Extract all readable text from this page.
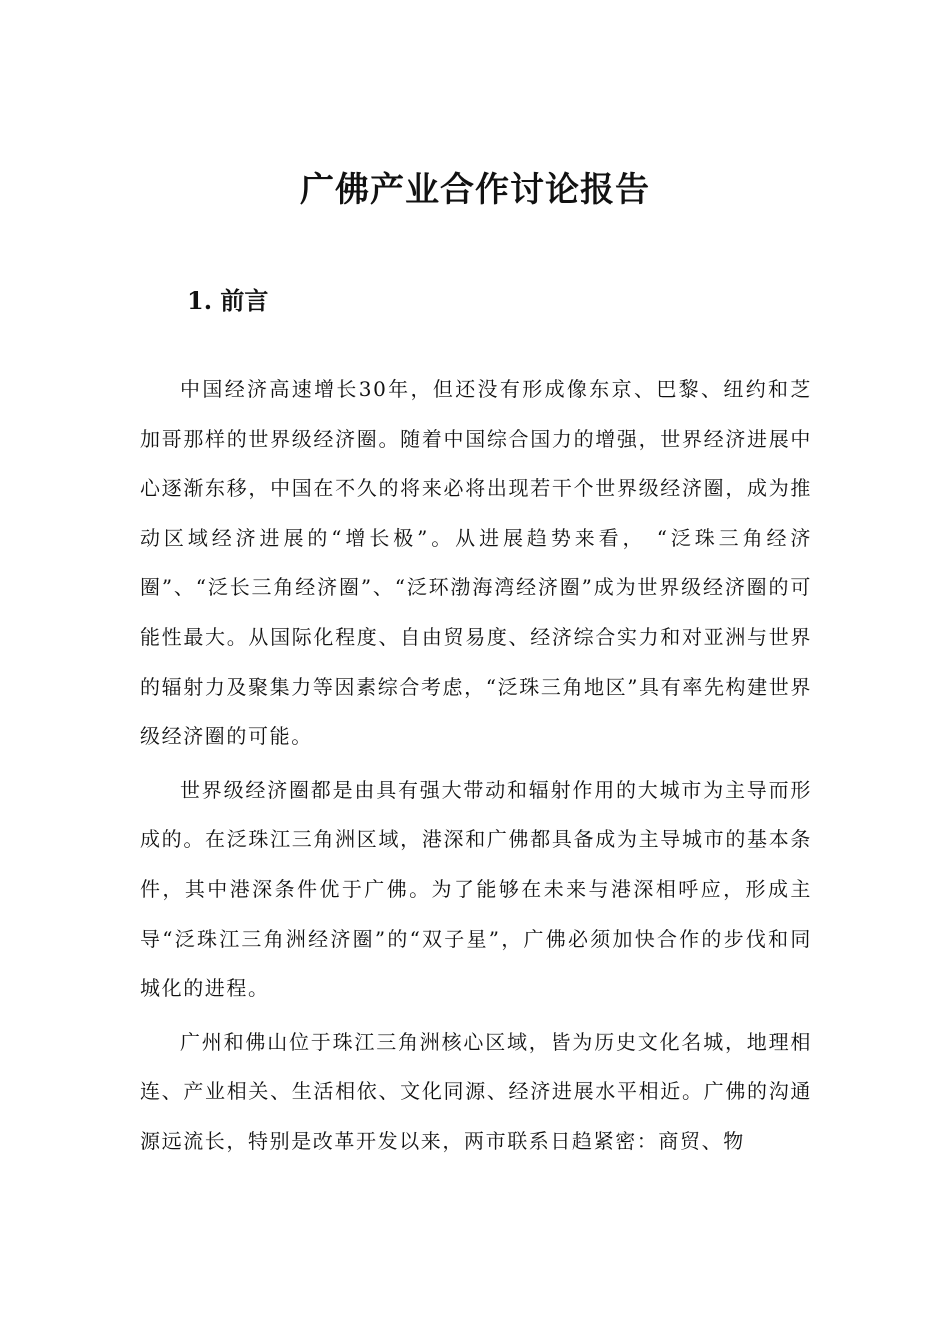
广佛产业合作讨论报告
1. 前言

中国经济高速增长30年，但还没有形成像东京、巴黎、纽约和芝加哥那样的世界级经济圈。随着中国综合国力的增强，世界经济进展中心逐渐东移，中国在不久的将来必将出现若干个世界级经济圈，成为推动区域经济进展的“增长极”。从进展趋势来看， “泛珠三角经济圈”、“泛长三角经济圈”、“泛环渤海湾经济圈”成为世界级经济圈的可能性最大。从国际化程度、自由贸易度、经济综合实力和对亚洲与世界的辐射力及聚集力等因素综合考虑，“泛珠三角地区”具有率先构建世界级经济圈的可能。

世界级经济圈都是由具有强大带动和辐射作用的大城市为主导而形成的。在泛珠江三角洲区域，港深和广佛都具备成为主导城市的基本条件，其中港深条件优于广佛。为了能够在未来与港深相呼应，形成主导“泛珠江三角洲经济圈”的“双子星”，广佛必须加快合作的步伐和同城化的进程。

广州和佛山位于珠江三角洲核心区域，皆为历史文化名城，地理相连、产业相关、生活相依、文化同源、经济进展水平相近。广佛的沟通源远流长，特别是改革开发以来，两市联系日趋紧密：商贸、物
